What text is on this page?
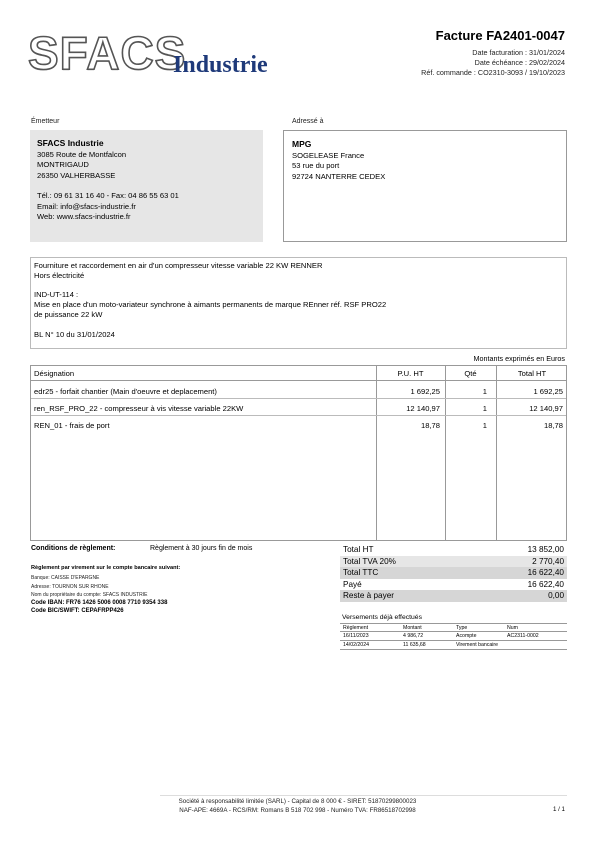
SFACS
Industrie
Facture FA2401-0047
Date facturation : 31/01/2024
Date échéance : 29/02/2024
Réf. commande : CO2310-3093 / 19/10/2023
Émetteur
SFACS Industrie
3085 Route de Montfalcon
MONTRIGAUD
26350 VALHERBASSE
Tél.: 09 61 31 16 40 - Fax: 04 86 55 63 01
Email: info@sfacs-industrie.fr
Web: www.sfacs-industrie.fr
Adressé à
MPG
SOGELEASE France
53 rue du port
92724 NANTERRE CEDEX
Fourniture et raccordement en air d'un compresseur vitesse variable 22 KW RENNER
Hors électricité
IND-UT-114 :
Mise en place d'un moto-variateur synchrone à aimants permanents de marque REnner réf. RSF PRO22
de puissance 22 kW
BL N° 10 du 31/01/2024
Montants exprimés en Euros
Désignation	P.U. HT	Qté	Total HT
edr25 - forfait chantier (Main d'oeuvre et deplacement)	1 692,25	1	1 692,25
ren_RSF_PRO_22 - compresseur à vis vitesse variable 22KW	12 140,97	1	12 140,97
REN_01 - frais de port	18,78	1	18,78
Conditions de règlement:	Règlement à 30 jours fin de mois
Règlement par virement sur le compte bancaire suivant:
Banque: CAISSE D'EPARGNE
Adresse: TOURNON SUR RHONE
Nom du propriétaire du compte: SFACS INDUSTRIE
Code IBAN: FR76 1426 5006 0008 7710 9354 338
Code BIC/SWIFT: CEPAFRPP426
Total HT	13 852,00
Total TVA 20%	2 770,40
Total TTC	16 622,40
Payé	16 622,40
Reste à payer	0,00
Versements déjà effectués
Règlement	Montant	Type	Num
16/11/2023	4 986,72	Acompte	AC2311-0002
14/02/2024	11 635,68	Virement bancaire
Société à responsabilité limitée (SARL) - Capital de 8 000 € - SIRET: 51870299800023
NAF-APE: 4669A - RCS/RM: Romans B 518 702 998 - Numéro TVA: FR86518702998	1 / 1
